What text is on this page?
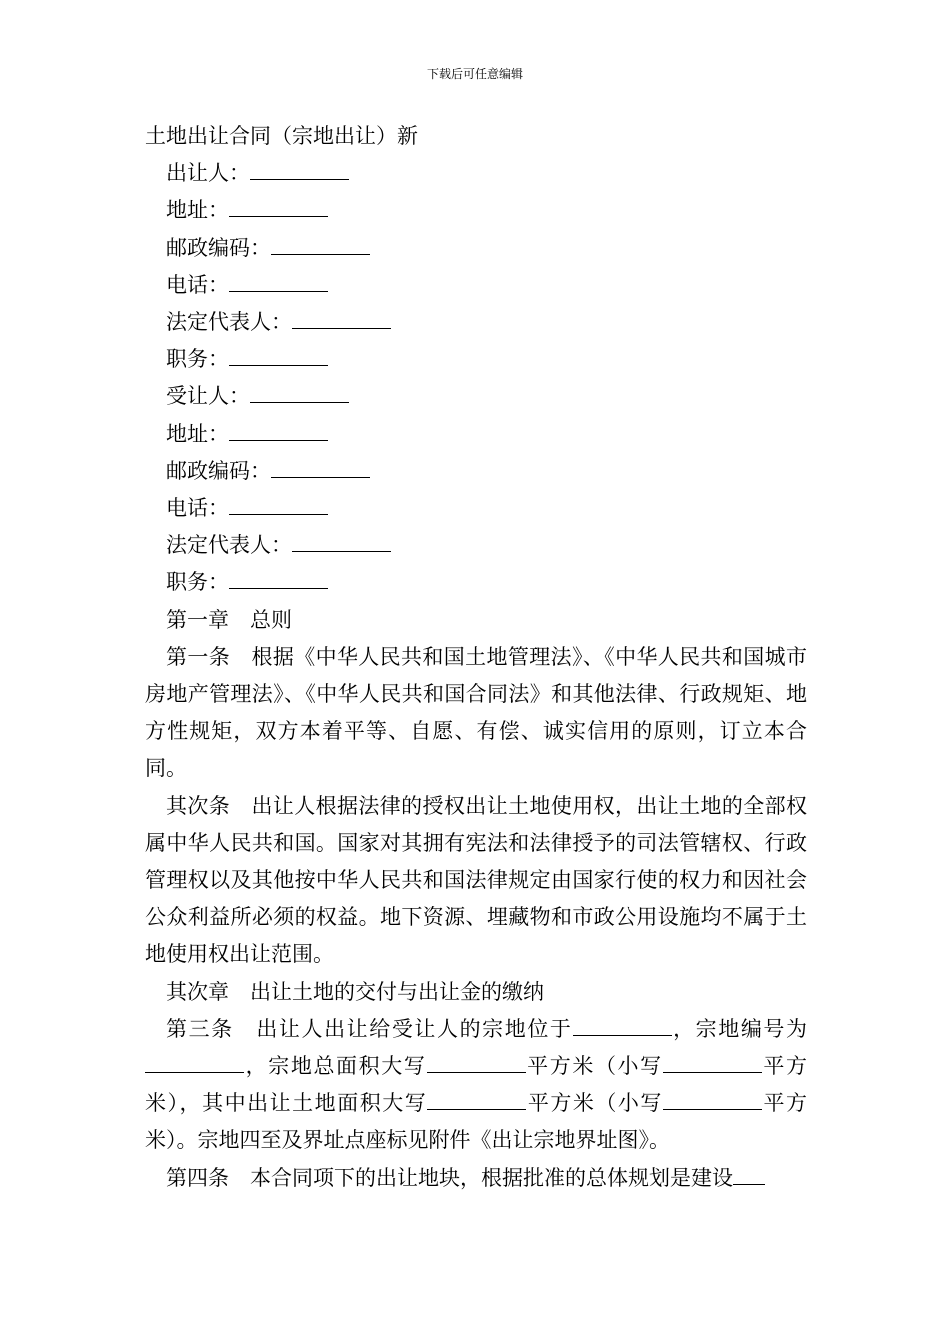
下载后可任意编辑
土地出让合同（宗地出让）新
出让人：
地址：
邮政编码：
电话：
法定代表人：
职务：
受让人：
地址：
邮政编码：
电话：
法定代表人：
职务：
第一章 总则
第一条 根据《中华人民共和国土地管理法》、《中华人民共和国城市房地产管理法》、《中华人民共和国合同法》和其他法律、行政规矩、地方性规矩，双方本着平等、自愿、有偿、诚实信用的原则，订立本合同。
其次条 出让人根据法律的授权出让土地使用权，出让土地的全部权属中华人民共和国。国家对其拥有宪法和法律授予的司法管辖权、行政管理权以及其他按中华人民共和国法律规定由国家行使的权力和因社会公众利益所必须的权益。地下资源、埋藏物和市政公用设施均不属于土地使用权出让范围。
其次章 出让土地的交付与出让金的缴纳
第三条 出让人出让给受让人的宗地位于	，宗地编号为，宗地总面积大写	平方米（小写	平方米），其中出让土地面积大写	平方米（小写	平方米）。宗地四至及界址点座标见附件《出让宗地界址图》。
第四条 本合同项下的出让地块，根据批准的总体规划是建设
